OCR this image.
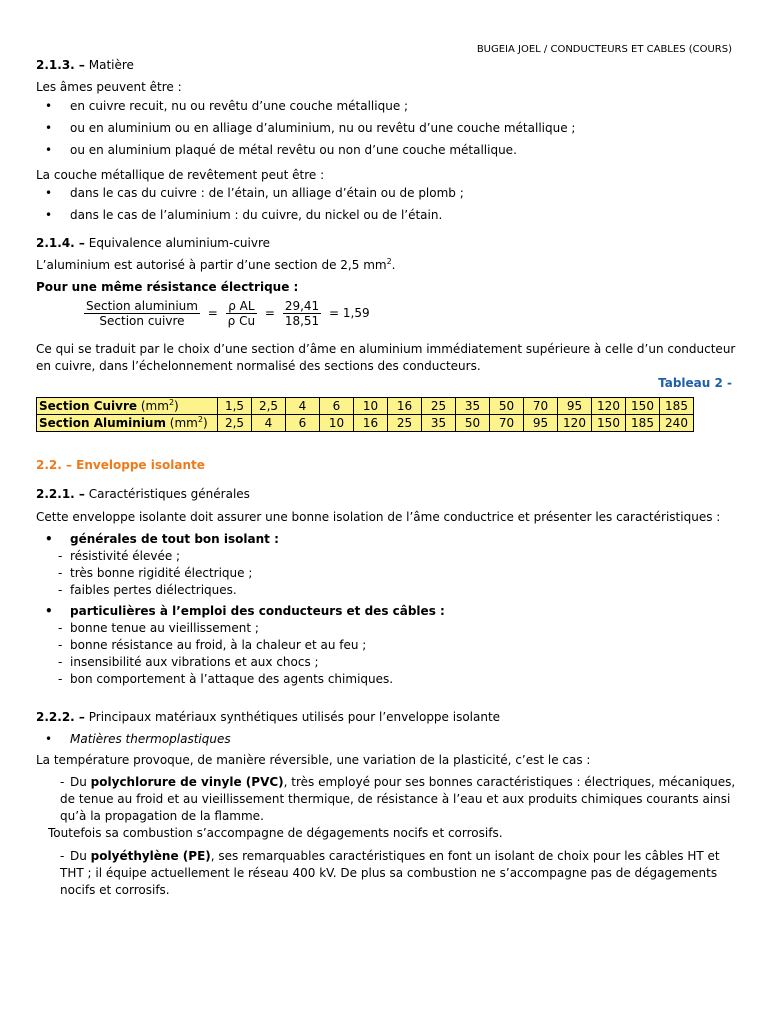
BUGEIA JOEL / CONDUCTEURS ET CABLES (COURS)
2.1.3. – Matière
Les âmes peuvent être :
• en cuivre recuit, nu ou revêtu d’une couche métallique ;
• ou en aluminium ou en alliage d’aluminium, nu ou revêtu d’une couche métallique ;
• ou en aluminium plaqué de métal revêtu ou non d’une couche métallique.
La couche métallique de revêtement peut être :
• dans le cas du cuivre : de l’étain, un alliage d’étain ou de plomb ;
• dans le cas de l’aluminium : du cuivre, du nickel ou de l’étain.
2.1.4. – Equivalence aluminium-cuivre
L’aluminium est autorisé à partir d’une section de 2,5 $mm^2$.
Pour une même résistance électrique :
$\frac{\text{Section aluminium}}{\text{Section cuivre}} = \frac{\text{ρ AL}}{\text{ρ Cu}} = \frac{29,41}{18,51} = 1,59$
Ce qui se traduit par le choix d’une section d’âme en aluminium immédiatement supérieure à celle d’un conducteur en cuivre, dans l’échelonnement normalisé des sections des conducteurs.
Tableau 2 -
Section Cuivre $(mm^2)$	1,5	2,5	4	6	10	16	25	35	50	70	95	120	150	185
Section Aluminium $(mm^2)$	2,5	4	6	10	16	25	35	50	70	95	120	150	185	240
2.2. – Enveloppe isolante
2.2.1. – Caractéristiques générales
Cette enveloppe isolante doit assurer une bonne isolation de l’âme conductrice et présenter les caractéristiques :
• générales de tout bon isolant :
- résistivité élevée ;
- très bonne rigidité électrique ;
- faibles pertes diélectriques.
• particulières à l’emploi des conducteurs et des câbles :
- bonne tenue au vieillissement ;
- bonne résistance au froid, à la chaleur et au feu ;
- insensibilité aux vibrations et aux chocs ;
- bon comportement à l’attaque des agents chimiques.
2.2.2. – Principaux matériaux synthétiques utilisés pour l’enveloppe isolante
• Matières thermoplastiques
La température provoque, de manière réversible, une variation de la plasticité, c’est le cas :
- Du polychlorure de vinyle (PVC), très employé pour ses bonnes caractéristiques : électriques, mécaniques, de tenue au froid et au vieillissement thermique, de résistance à l’eau et aux produits chimiques courants ainsi qu’à la propagation de la flamme.
Toutefois sa combustion s’accompagne de dégagements nocifs et corrosifs.
- Du polyéthylène (PE), ses remarquables caractéristiques en font un isolant de choix pour les câbles HT et THT ; il équipe actuellement le réseau 400 kV. De plus sa combustion ne s’accompagne pas de dégagements nocifs et corrosifs.
